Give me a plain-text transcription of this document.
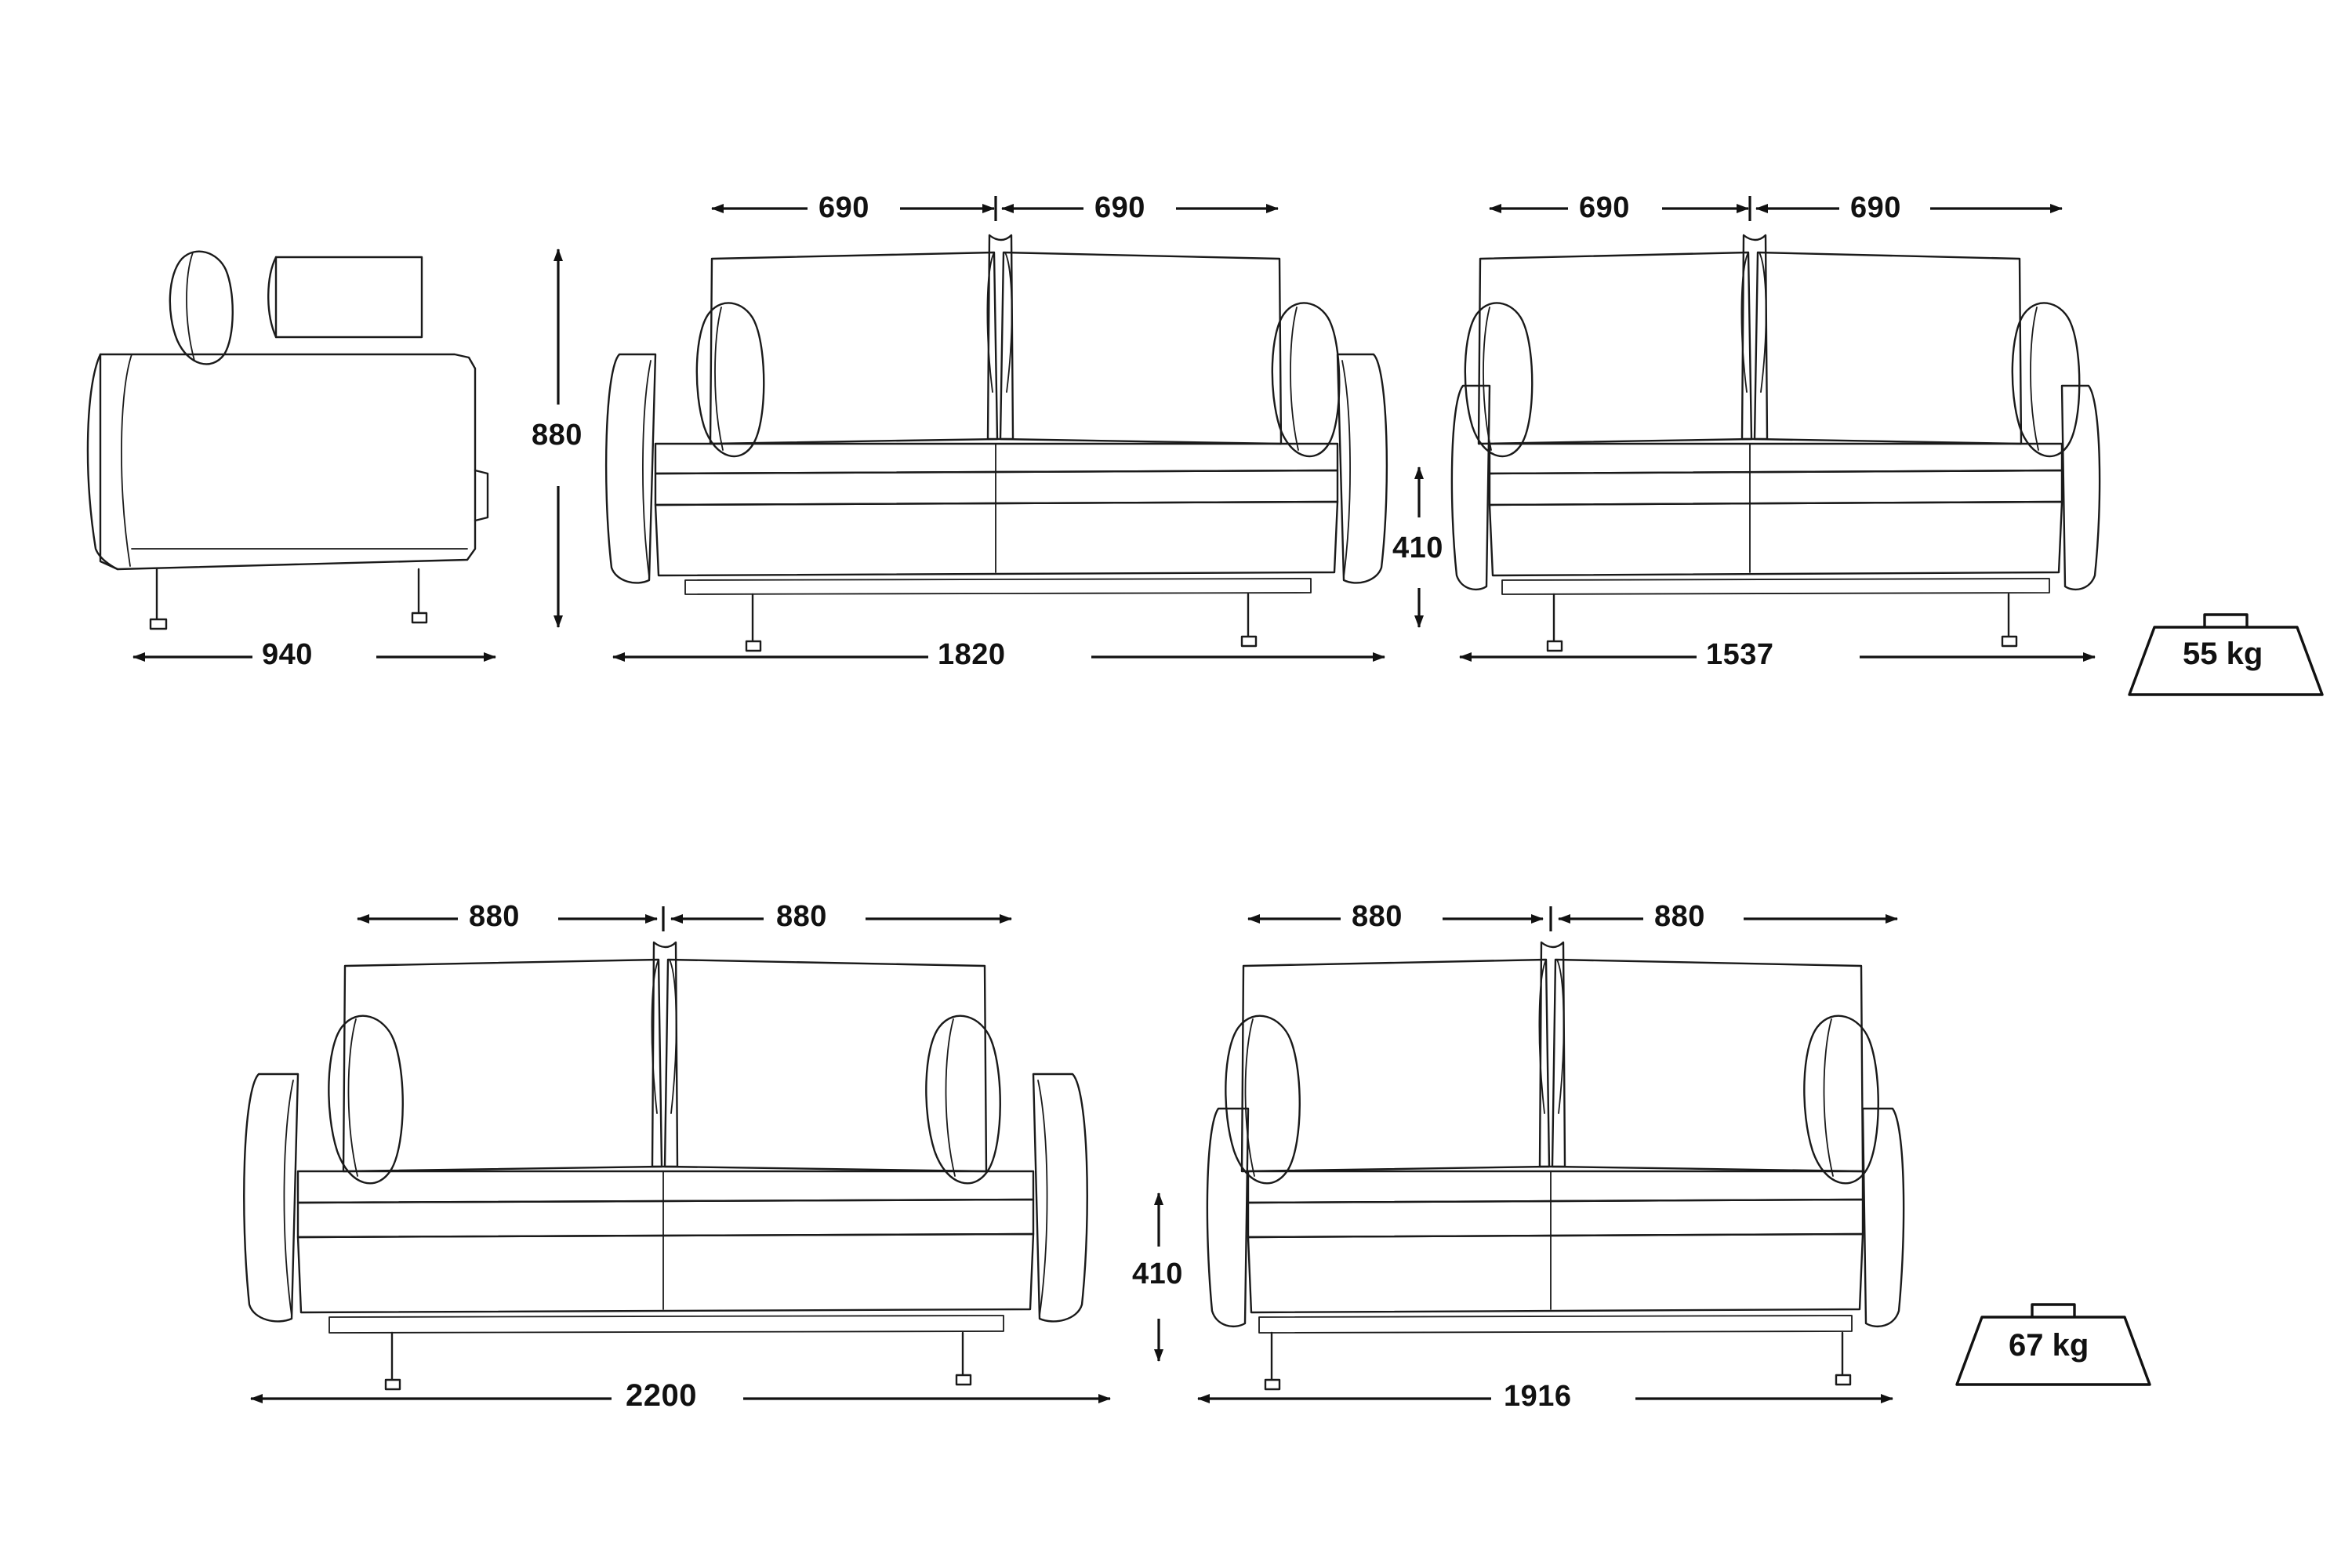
940
690	690
1820
880
690	690
1537
410
55 kg
880	880
2200
880	880
1916
410
67 kg
